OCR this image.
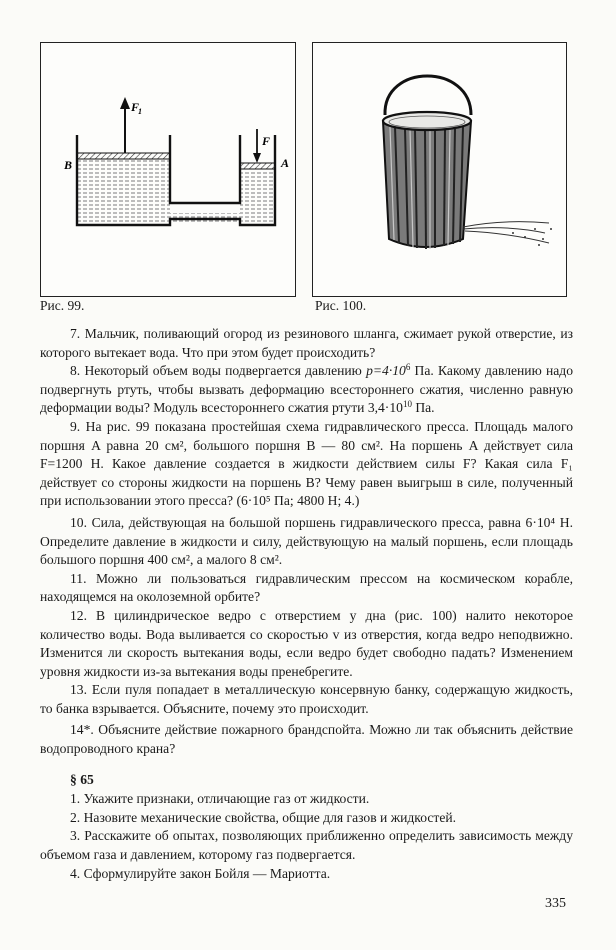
B	A
F
1
F
Рис. 99.	Рис. 100.

7. Мальчик, поливающий огород из резинового шланга, сжимает рукой отверстие, из которого вытекает вода. Что при этом будет происходить?

8. Некоторый объем воды подвергается давлению $p=4\cdot 10^6$ Па. Какому давлению надо подвергнуть ртуть, чтобы вызвать деформацию всестороннего сжатия, численно равную деформации воды? Модуль всестороннего сжатия ртути $3,4\cdot 10^{10}$ Па.

9. На рис. 99 показана простейшая схема гидравлического пресса. Площадь малого поршня A равна 20 см², большого поршня B — 80 см². На поршень A действует сила F=1200 Н. Какое давление создается в жидкости действием силы F? Какая сила F₁ действует со стороны жидкости на поршень B? Чему равен выигрыш в силе, полученный при использовании этого пресса? (6·10⁵ Па; 4800 Н; 4.)

10. Сила, действующая на большой поршень гидравлического пресса, равна 6·10⁴ Н. Определите давление в жидкости и силу, действующую на малый поршень, если площадь большого поршня 400 см², а малого 8 см².

11. Можно ли пользоваться гидравлическим прессом на космическом корабле, находящемся на околоземной орбите?

12. В цилиндрическое ведро с отверстием у дна (рис. 100) налито некоторое количество воды. Вода выливается со скоростью v из отверстия, когда ведро неподвижно. Изменится ли скорость вытекания воды, если ведро будет свободно падать? Изменением уровня жидкости из-за вытекания воды пренебрегите.

13. Если пуля попадает в металлическую консервную банку, содержащую жидкость, то банка взрывается. Объясните, почему это происходит.

14*. Объясните действие пожарного брандспойта. Можно ли так объяснить действие водопроводного крана?

§ 65

1. Укажите признаки, отличающие газ от жидкости.

2. Назовите механические свойства, общие для газов и жидкостей.

3. Расскажите об опытах, позволяющих приближенно определить зависимость между объемом газа и давлением, которому газ подвергается.

4. Сформулируйте закон Бойля — Мариотта.

335
